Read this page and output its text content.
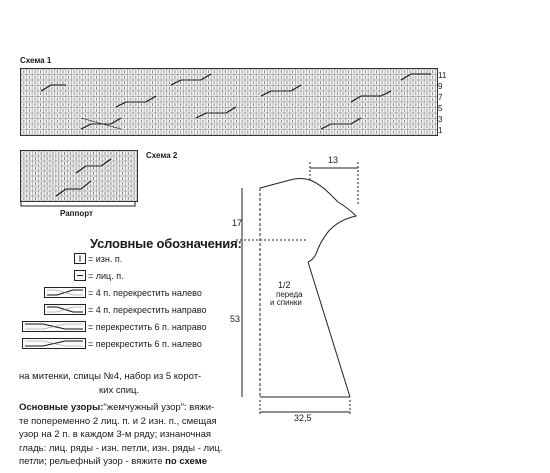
Схема 1
11
9
7
5
3
1
Схема 2
Раппорт
Условные обозначения:
= изн. п.
= лиц. п.
= 4 п. перекрестить налево
= 4 п. перекрестить направо
= перекрестить 6 п. направо
= перекрестить 6 п. налево
13
17
53
32,5
1/2
переда
и спинки
на митенки, спицы №4, набор из 5 корот-
ких спиц.
Основные узоры:"жемчужный узор": вяжи-
те попеременно 2 лиц. п. и 2 изн. п., смещая
узор на 2 п. в каждом 3-м ряду; изнаночная
гладь: лиц. ряды - изн. петли, изн. ряды - лиц.
петли; рельефный узор - вяжите по схеме
